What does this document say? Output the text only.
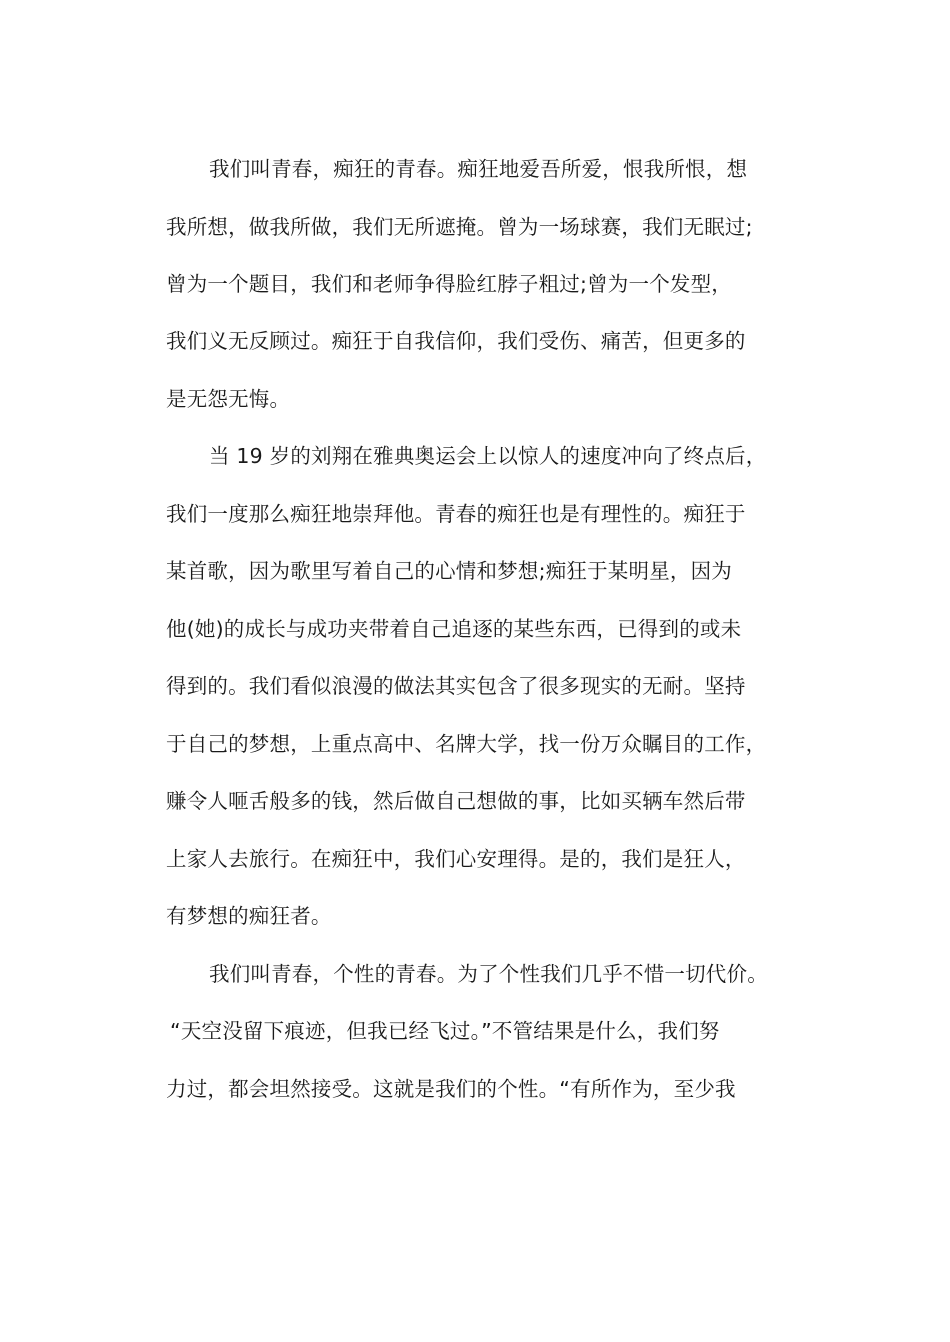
我们叫青春，痴狂的青春。痴狂地爱吾所爱，恨我所恨，想
我所想，做我所做，我们无所遮掩。曾为一场球赛，我们无眠过;
曾为一个题目，我们和老师争得脸红脖子粗过;曾为一个发型，
我们义无反顾过。痴狂于自我信仰，我们受伤、痛苦，但更多的
是无怨无悔。
当 19 岁的刘翔在雅典奥运会上以惊人的速度冲向了终点后，
我们一度那么痴狂地崇拜他。青春的痴狂也是有理性的。痴狂于
某首歌，因为歌里写着自己的心情和梦想;痴狂于某明星，因为
他(她)的成长与成功夹带着自己追逐的某些东西，已得到的或未
得到的。我们看似浪漫的做法其实包含了很多现实的无耐。坚持
于自己的梦想，上重点高中、名牌大学，找一份万众瞩目的工作，
赚令人咂舌般多的钱，然后做自己想做的事，比如买辆车然后带
上家人去旅行。在痴狂中，我们心安理得。是的，我们是狂人，
有梦想的痴狂者。
我们叫青春，个性的青春。为了个性我们几乎不惜一切代价。
“天空没留下痕迹，但我已经飞过。”不管结果是什么，我们努
力过，都会坦然接受。这就是我们的个性。“有所作为，至少我
